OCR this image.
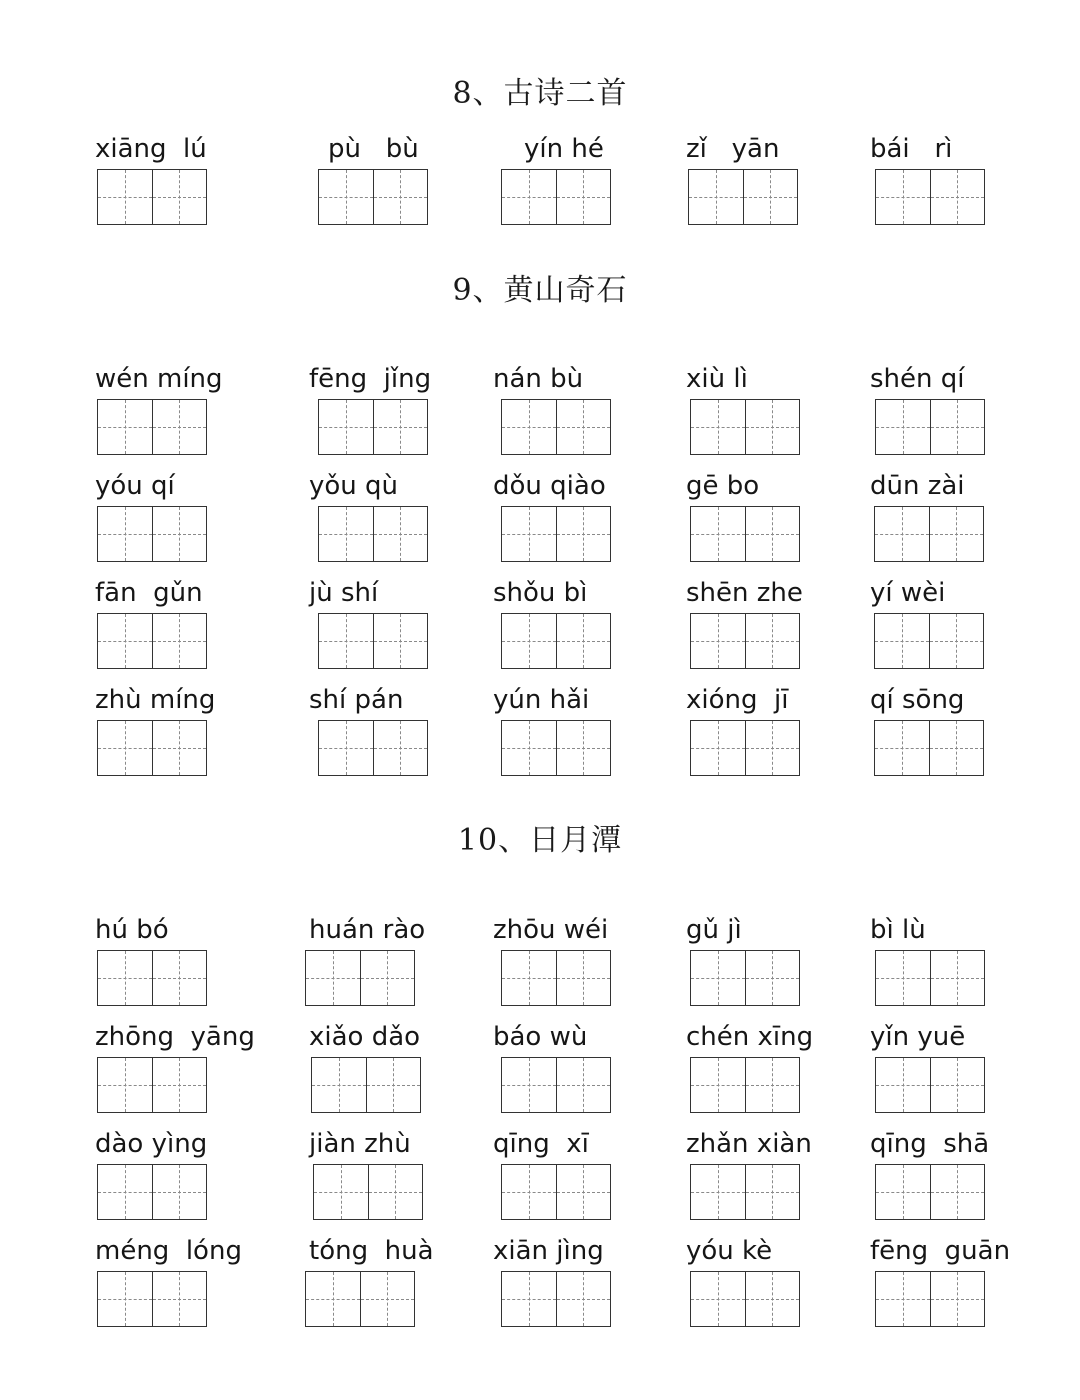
8、古诗二首
xiāng  lú	pù   bù	yín hé	zǐ   yān	bái   rì
9、黄山奇石
wén míng	fēng  jǐng	nán bù	xiù lì	shén qí
yóu qí	yǒu qù	dǒu qiào	gē bo	dūn zài
fān  gǔn	jù shí	shǒu bì	shēn zhe	yí wèi
zhù míng	shí pán	yún hǎi	xióng  jī	qí sōng
10、日月潭
hú bó	huán rào	zhōu wéi	gǔ jì	bì lù
zhōng  yāng	xiǎo dǎo	báo wù	chén xīng	yǐn yuē
dào yìng	jiàn zhù	qīng  xī	zhǎn xiàn	qīng  shā
méng  lóng	tóng  huà	xiān jìng	yóu kè	fēng  guān
